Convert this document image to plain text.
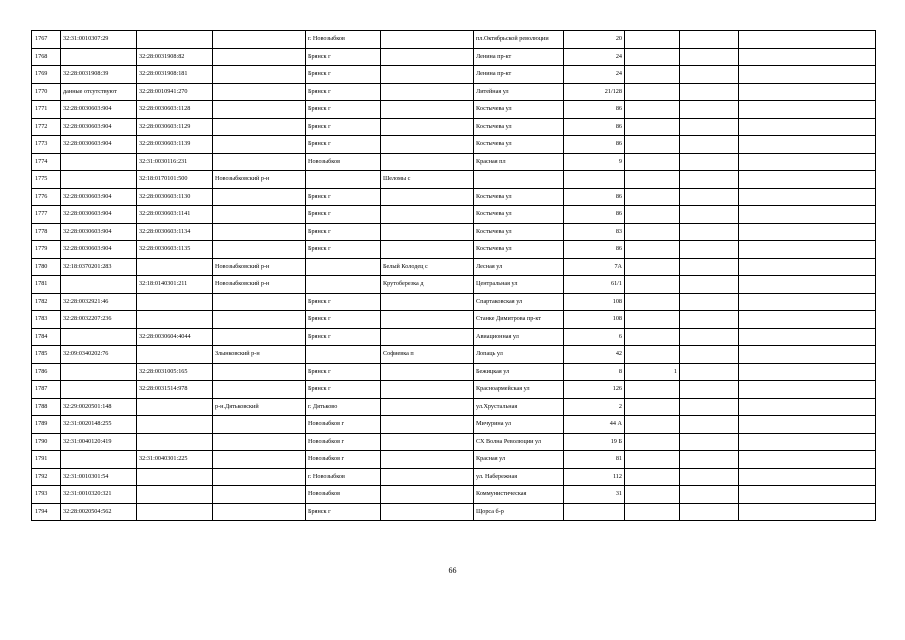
1767	32:31:0010307:29			г. Новозыбков		пл.Октябрьской революции	20			
1768		32:28:0031908:82		Брянск г		Ленина пр-кт	24			
1769	32:28:0031908:39	32:28:0031908:181		Брянск г		Ленина пр-кт	24			
1770	данные отсутствуют	32:28:0010941:270		Брянск г		Литейная ул	21/128			
1771	32:28:0030603:904	32:28:0030603:1128		Брянск г		Костычева ул	86			
1772	32:28:0030603:904	32:28:0030603:1129		Брянск г		Костычева ул	86			
1773	32:28:0030603:904	32:28:0030603:1139		Брянск г		Костычева ул	86			
1774		32:31:0030116:231		Новозыбков		Красная пл	9			
1775		32:18:0170101:500	Новозыбковский р-н		Шеломы с					
1776	32:28:0030603:904	32:28:0030603:1130		Брянск г		Костычева ул	86			
1777	32:28:0030603:904	32:28:0030603:1141		Брянск г		Костычева ул	86			
1778	32:28:0030603:904	32:28:0030603:1134		Брянск г		Костычева ул	83			
1779	32:28:0030603:904	32:28:0030603:1135		Брянск г		Костычева ул	86			
1780	32:18:0370201:283		Новозыбковский р-н		Белый Колодец с	Лесная ул	7А			
1781		32:18:0140301:211	Новозыбковский р-н		Крутоберезка д	Центральная ул	61/1			
1782	32:28:0032921:46			Брянск г		Спартаковская ул	108			
1783	32:28:0032207:236			Брянск г		Станке Димитрова пр-кт	108			
1784		32:28:0030604:4044		Брянск г		Авиационная ул	6			
1785	32:09:0340202:76		Злынковский р-н		Софиевка п	Лопаць ул	42			
1786		32:28:0031005:165		Брянск г		Бежицкая ул	8	1		
1787		32:28:0031514:978		Брянск г		Красноармейская ул	126			
1788	32:29:0020501:148		р-н.Дятьковский	г. Дятьково		ул.Хрустальная	2			
1789	32:31:0020148:255			Новозыбков г		Мичурина ул	44 А			
1790	32:31:0040120:419			Новозыбков г		СХ Волна Революции ул	19 Б			
1791		32:31:0040301:225		Новозыбков г		Красная ул	81			
1792	32:31:0010301:54			г. Новозыбков		ул. Набережная	112			
1793	32:31:0010320:321			Новозыбков		Коммунистическая	31			
1794	32:28:0020504:562			Брянск г		Щорса б-р				
66
